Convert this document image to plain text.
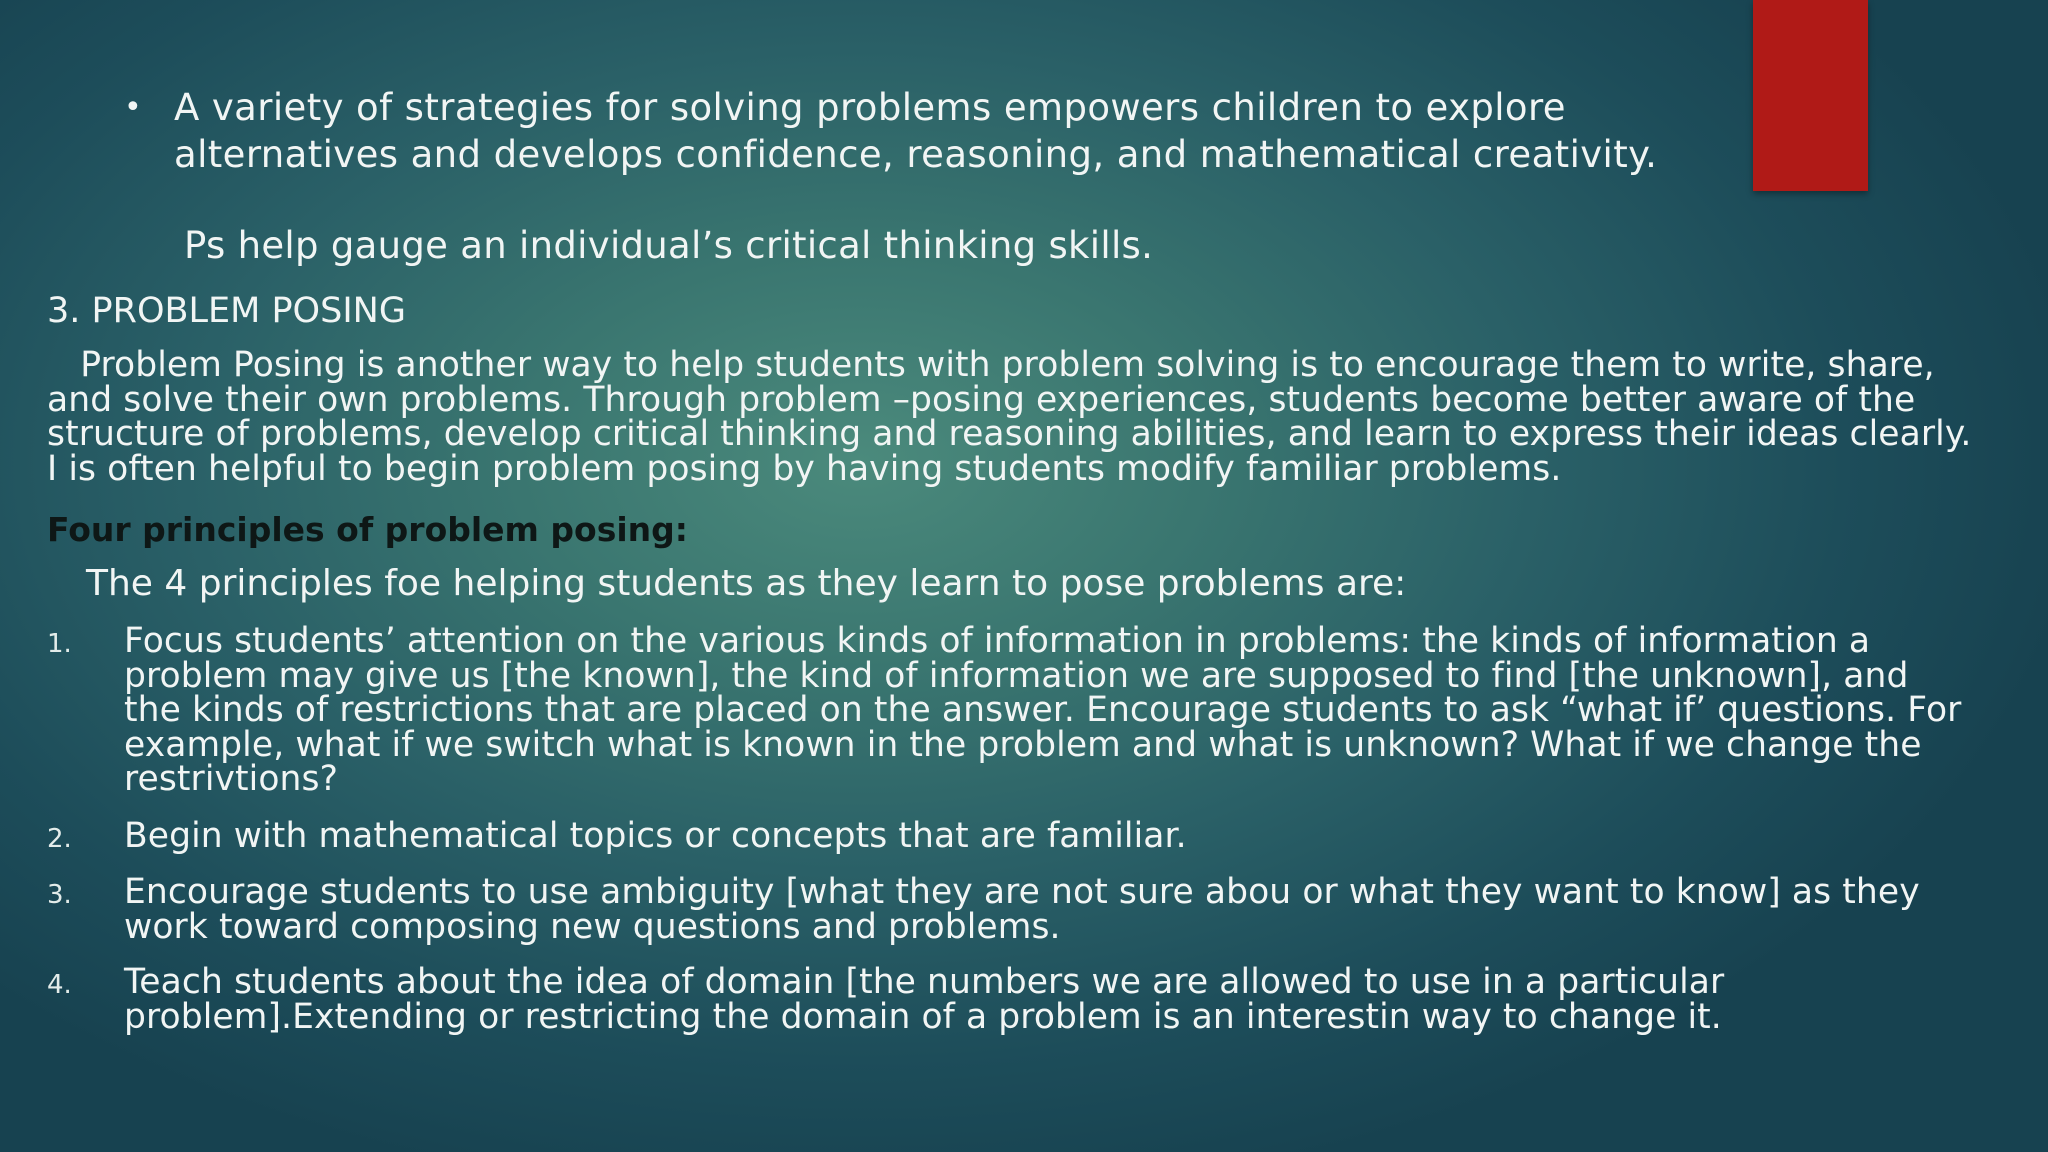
• A variety of strategies for solving problems empowers children to explore
alternatives and develops confidence, reasoning, and mathematical creativity.
Ps help gauge an individual’s critical thinking skills.
3. PROBLEM POSING
Problem Posing is another way to help students with problem solving is to encourage them to write, share,
and solve their own problems. Through problem –posing experiences, students become better aware of the
structure of problems, develop critical thinking and reasoning abilities, and learn to express their ideas clearly.
I is often helpful to begin problem posing by having students modify familiar problems.
Four principles of problem posing:
The 4 principles foe helping students as they learn to pose problems are:
1.	Focus students’ attention on the various kinds of information in problems: the kinds of information a
problem may give us [the known], the kind of information we are supposed to find [the unknown], and
the kinds of restrictions that are placed on the answer. Encourage students to ask “what if’ questions. For
example, what if we switch what is known in the problem and what is unknown? What if we change the
restrivtions?
2.	Begin with mathematical topics or concepts that are familiar.
3.	Encourage students to use ambiguity [what they are not sure abou or what they want to know] as they
work toward composing new questions and problems.
4.	Teach students about the idea of domain [the numbers we are allowed to use in a particular
problem].Extending or restricting the domain of a problem is an interestin way to change it.
